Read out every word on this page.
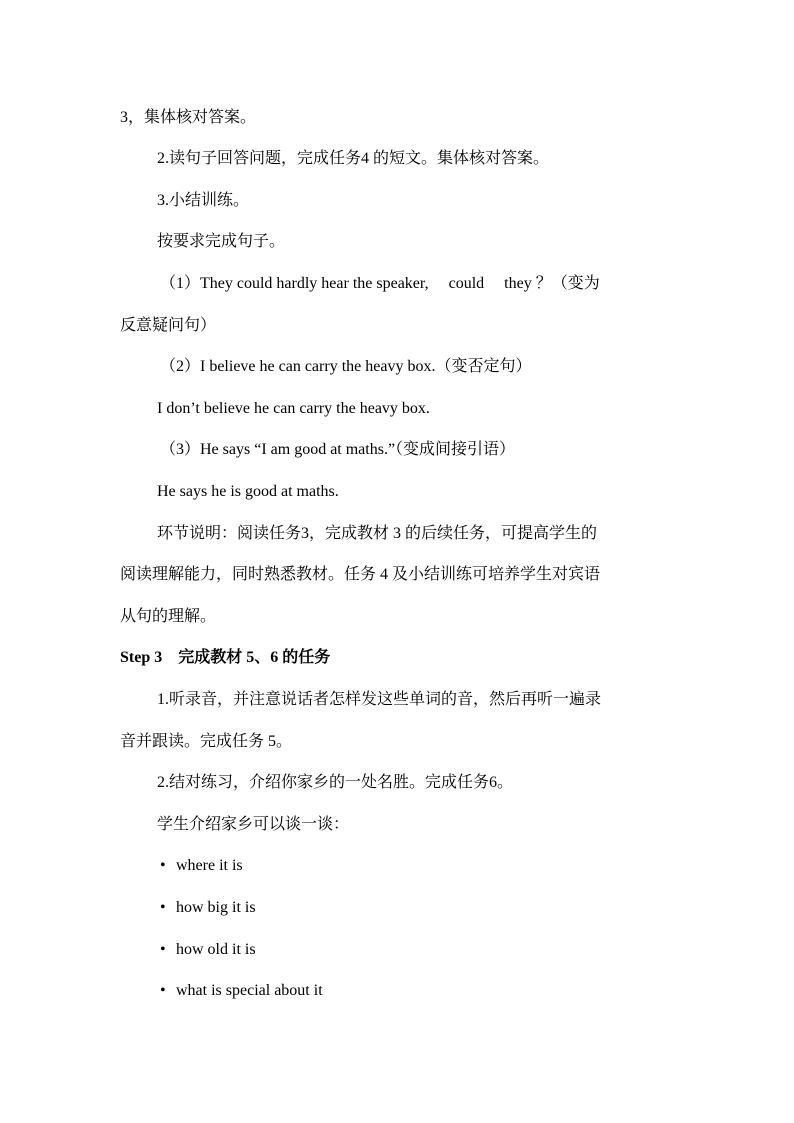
3，集体核对答案。
2.读句子回答问题，完成任务4 的短文。集体核对答案。
3.小结训练。
按要求完成句子。
（1）They could hardly hear the speaker,　 could　 they ？（变为
反意疑问句）
（2）I believe he can carry the heavy box.（变否定句）
I don’t believe he can carry the heavy box.
（3）He says “I am good at maths.”（变成间接引语）
He says he is good at maths.
环节说明：阅读任务3，完成教材 3 的后续任务，可提高学生的
阅读理解能力，同时熟悉教材。任务 4 及小结训练可培养学生对宾语
从句的理解。
Step 3　完成教材 5、6 的任务
1.听录音，并注意说话者怎样发这些单词的音，然后再听一遍录
音并跟读。完成任务 5。
2.结对练习，介绍你家乡的一处名胜。完成任务6。
学生介绍家乡可以谈一谈：
• where it is
• how big it is
• how old it is
• what is special about it
